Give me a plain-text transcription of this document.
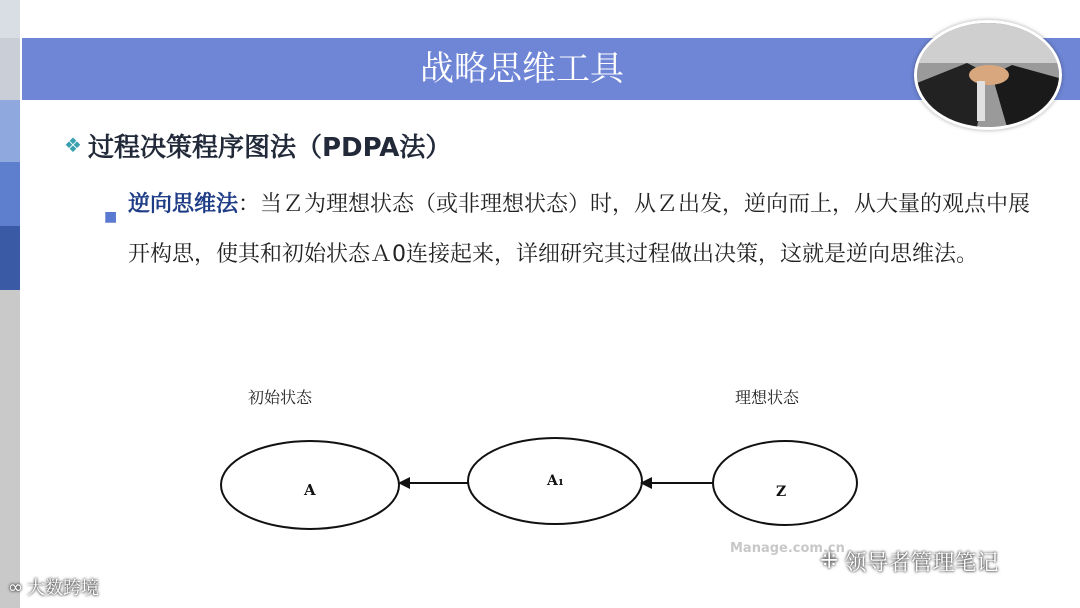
战略思维工具
❖ 过程决策程序图法（PDPA法）
■ 逆向思维法：当Ｚ为理想状态（或非理想状态）时，从Ｚ出发，逆向而上，从大量的观点中展开构思，使其和初始状态Ａ0连接起来，详细研究其过程做出决策，这就是逆向思维法。
初始状态	理想状态
A	A₁
Z
Manage.com.cn
∞ 大数跨境
⁜ 领导者管理笔记
